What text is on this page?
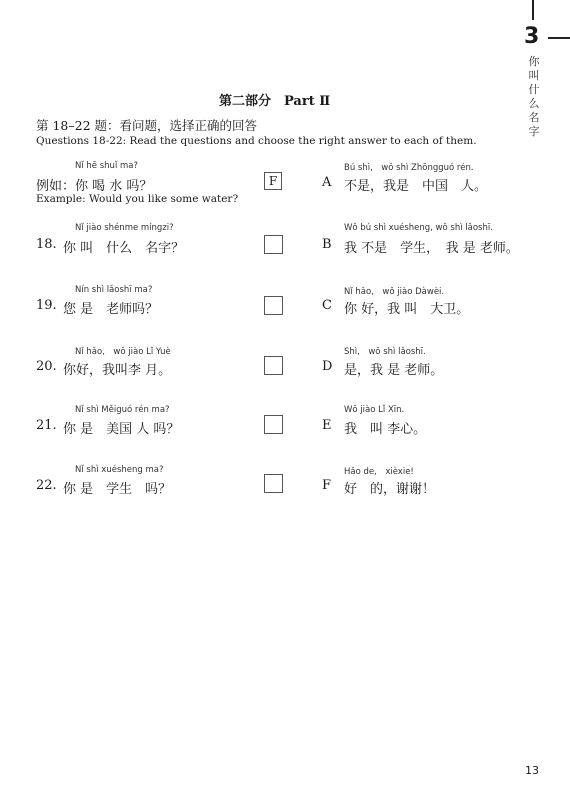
3
你叫什么名字
第二部分　Part Ⅱ
第 18–22 题：看问题，选择正确的回答
Questions 18-22: Read the questions and choose the right answer to each of them.
Nǐ hē shuǐ ma?
例如：你 喝 水 吗？
Example: Would you like some water?
F
Nǐ jiào shénme míngzi?
18. 你 叫　什么　名字？
Nín shì lǎoshī ma?
19. 您 是　老师吗？
Nǐ hǎo,　wǒ jiào Lǐ Yuè
20. 你好，我叫李 月。
Nǐ shì Měiguó rén ma?
21. 你 是　美国 人 吗？
Nǐ shì xuésheng ma?
22. 你 是　学生　吗？
Bú shì,　wǒ shì Zhōngguó rén.
A 不是，我是　中国　人。
Wǒ bú shì xuésheng, wǒ shì lǎoshī.
B 我 不是　学生，　我 是 老师。
Nǐ hǎo,　wǒ jiào Dàwèi.
C 你 好，我 叫　大卫。
Shì,　wǒ shì lǎoshī.
D 是，我 是 老师。
Wǒ jiào Lǐ Xīn.
E 我　叫 李心。
Hǎo de,　xièxie!
F 好　的，谢谢！
13
